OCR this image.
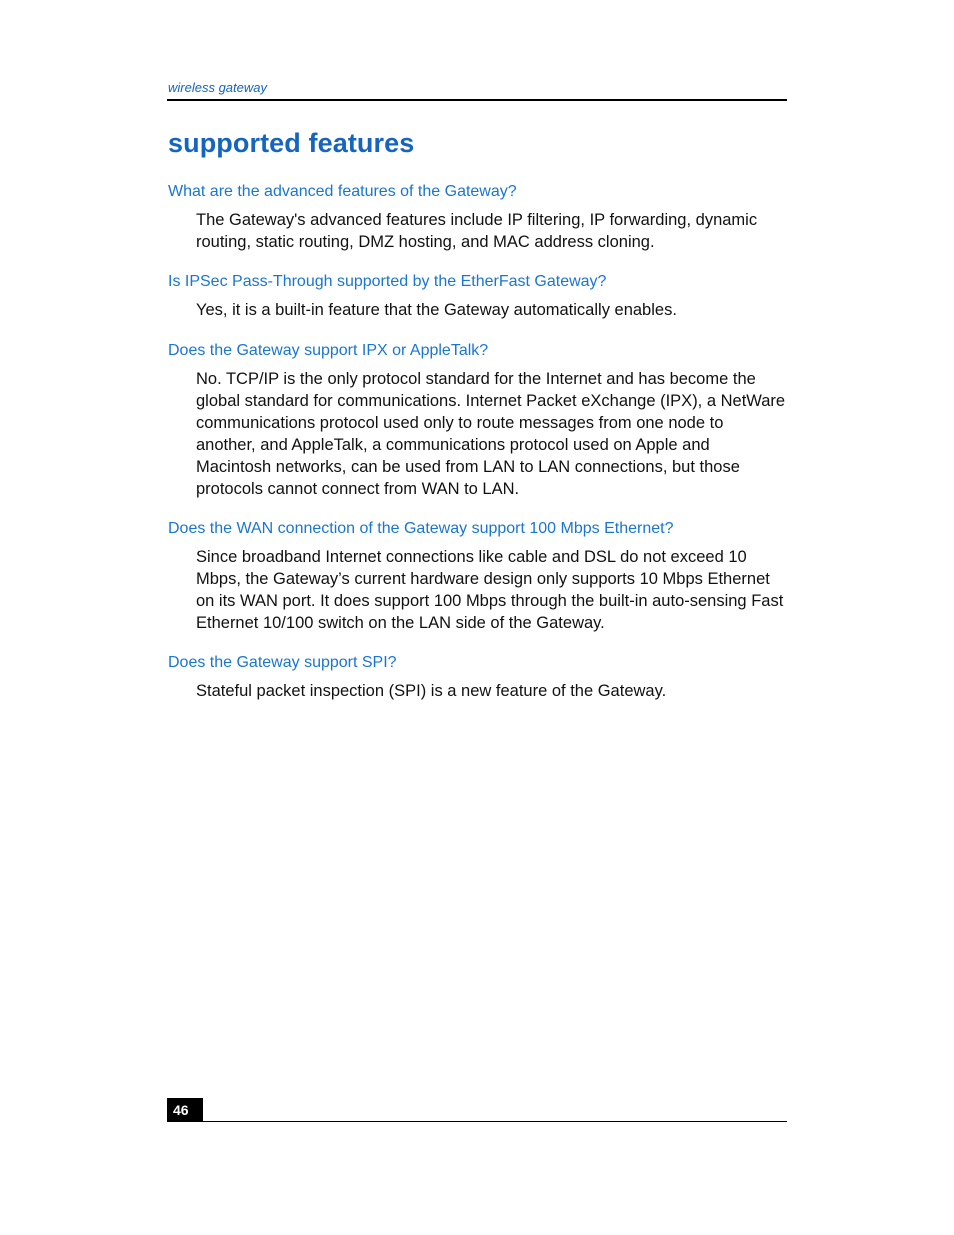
wireless gateway
supported features

What are the advanced features of the Gateway?

The Gateway's advanced features include IP filtering, IP forwarding, dynamic routing, static routing, DMZ hosting, and MAC address cloning.

Is IPSec Pass-Through supported by the EtherFast Gateway?

Yes, it is a built-in feature that the Gateway automatically enables.

Does the Gateway support IPX or AppleTalk?

No. TCP/IP is the only protocol standard for the Internet and has become the global standard for communications. Internet Packet eXchange (IPX), a NetWare communications protocol used only to route messages from one node to another, and AppleTalk, a communications protocol used on Apple and Macintosh networks, can be used from LAN to LAN connections, but those protocols cannot connect from WAN to LAN.

Does the WAN connection of the Gateway support 100 Mbps Ethernet?

Since broadband Internet connections like cable and DSL do not exceed 10 Mbps, the Gateway’s current hardware design only supports 10 Mbps Ethernet on its WAN port. It does support 100 Mbps through the built-in auto-sensing Fast Ethernet 10/100 switch on the LAN side of the Gateway.

Does the Gateway support SPI?

Stateful packet inspection (SPI) is a new feature of the Gateway.

46
